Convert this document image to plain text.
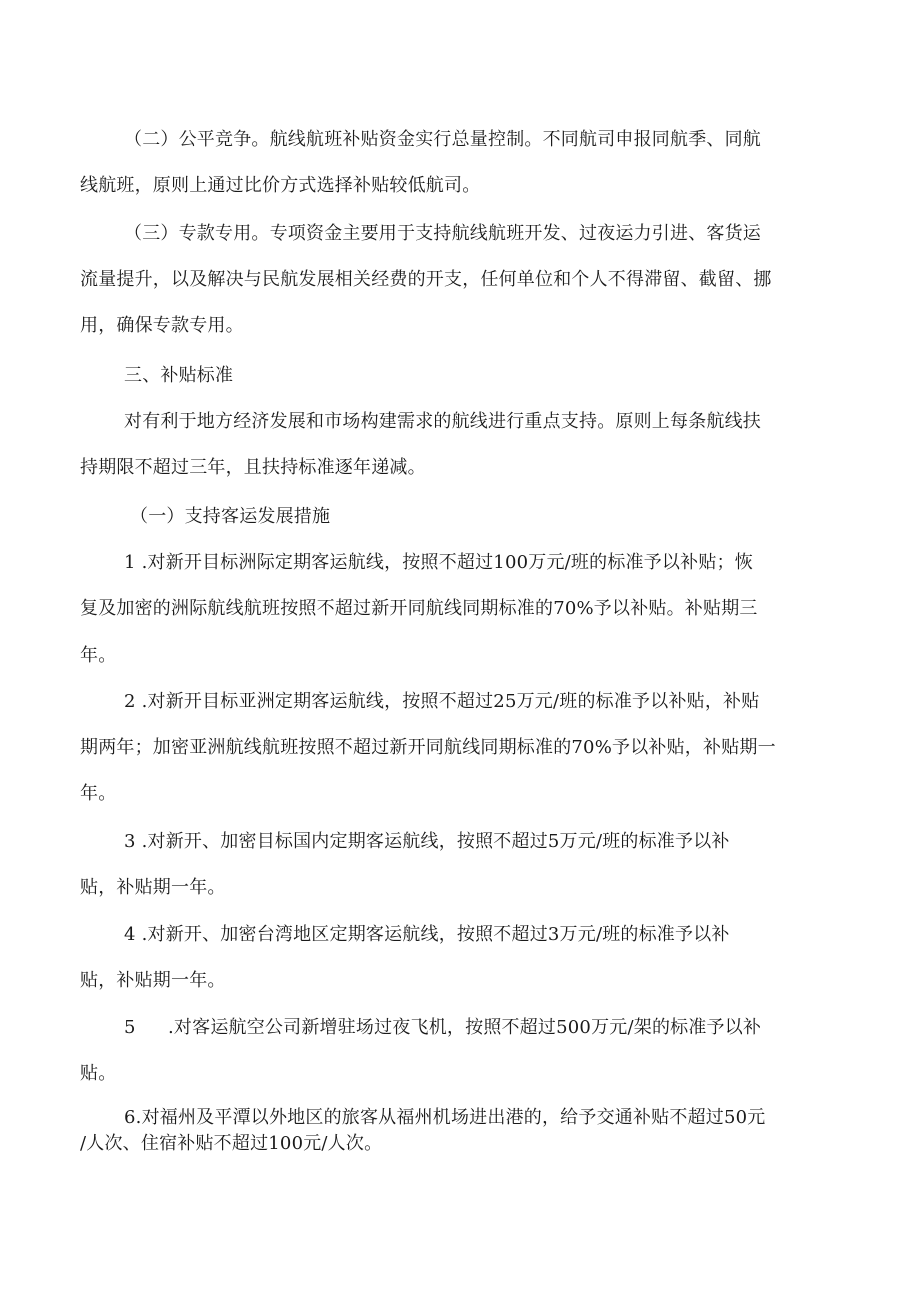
（二）公平竞争。航线航班补贴资金实行总量控制。不同航司申报同航季、同航
线航班，原则上通过比价方式选择补贴较低航司。
（三）专款专用。专项资金主要用于支持航线航班开发、过夜运力引进、客货运
流量提升，以及解决与民航发展相关经费的开支，任何单位和个人不得滞留、截留、挪
用，确保专款专用。
三、补贴标准
对有利于地方经济发展和市场构建需求的航线进行重点支持。原则上每条航线扶
持期限不超过三年，且扶持标准逐年递减。
（一）支持客运发展措施
1 .对新开目标洲际定期客运航线，按照不超过100万元/班的标准予以补贴；恢
复及加密的洲际航线航班按照不超过新开同航线同期标准的70%予以补贴。补贴期三
年。
2 .对新开目标亚洲定期客运航线，按照不超过25万元/班的标准予以补贴，补贴
期两年；加密亚洲航线航班按照不超过新开同航线同期标准的70%予以补贴，补贴期一
年。
3 .对新开、加密目标国内定期客运航线，按照不超过5万元/班的标准予以补
贴，补贴期一年。
4 .对新开、加密台湾地区定期客运航线，按照不超过3万元/班的标准予以补
贴，补贴期一年。
5 .对客运航空公司新增驻场过夜飞机，按照不超过500万元/架的标准予以补
贴。
6.对福州及平潭以外地区的旅客从福州机场进出港的，给予交通补贴不超过50元
/人次、住宿补贴不超过100元/人次。
